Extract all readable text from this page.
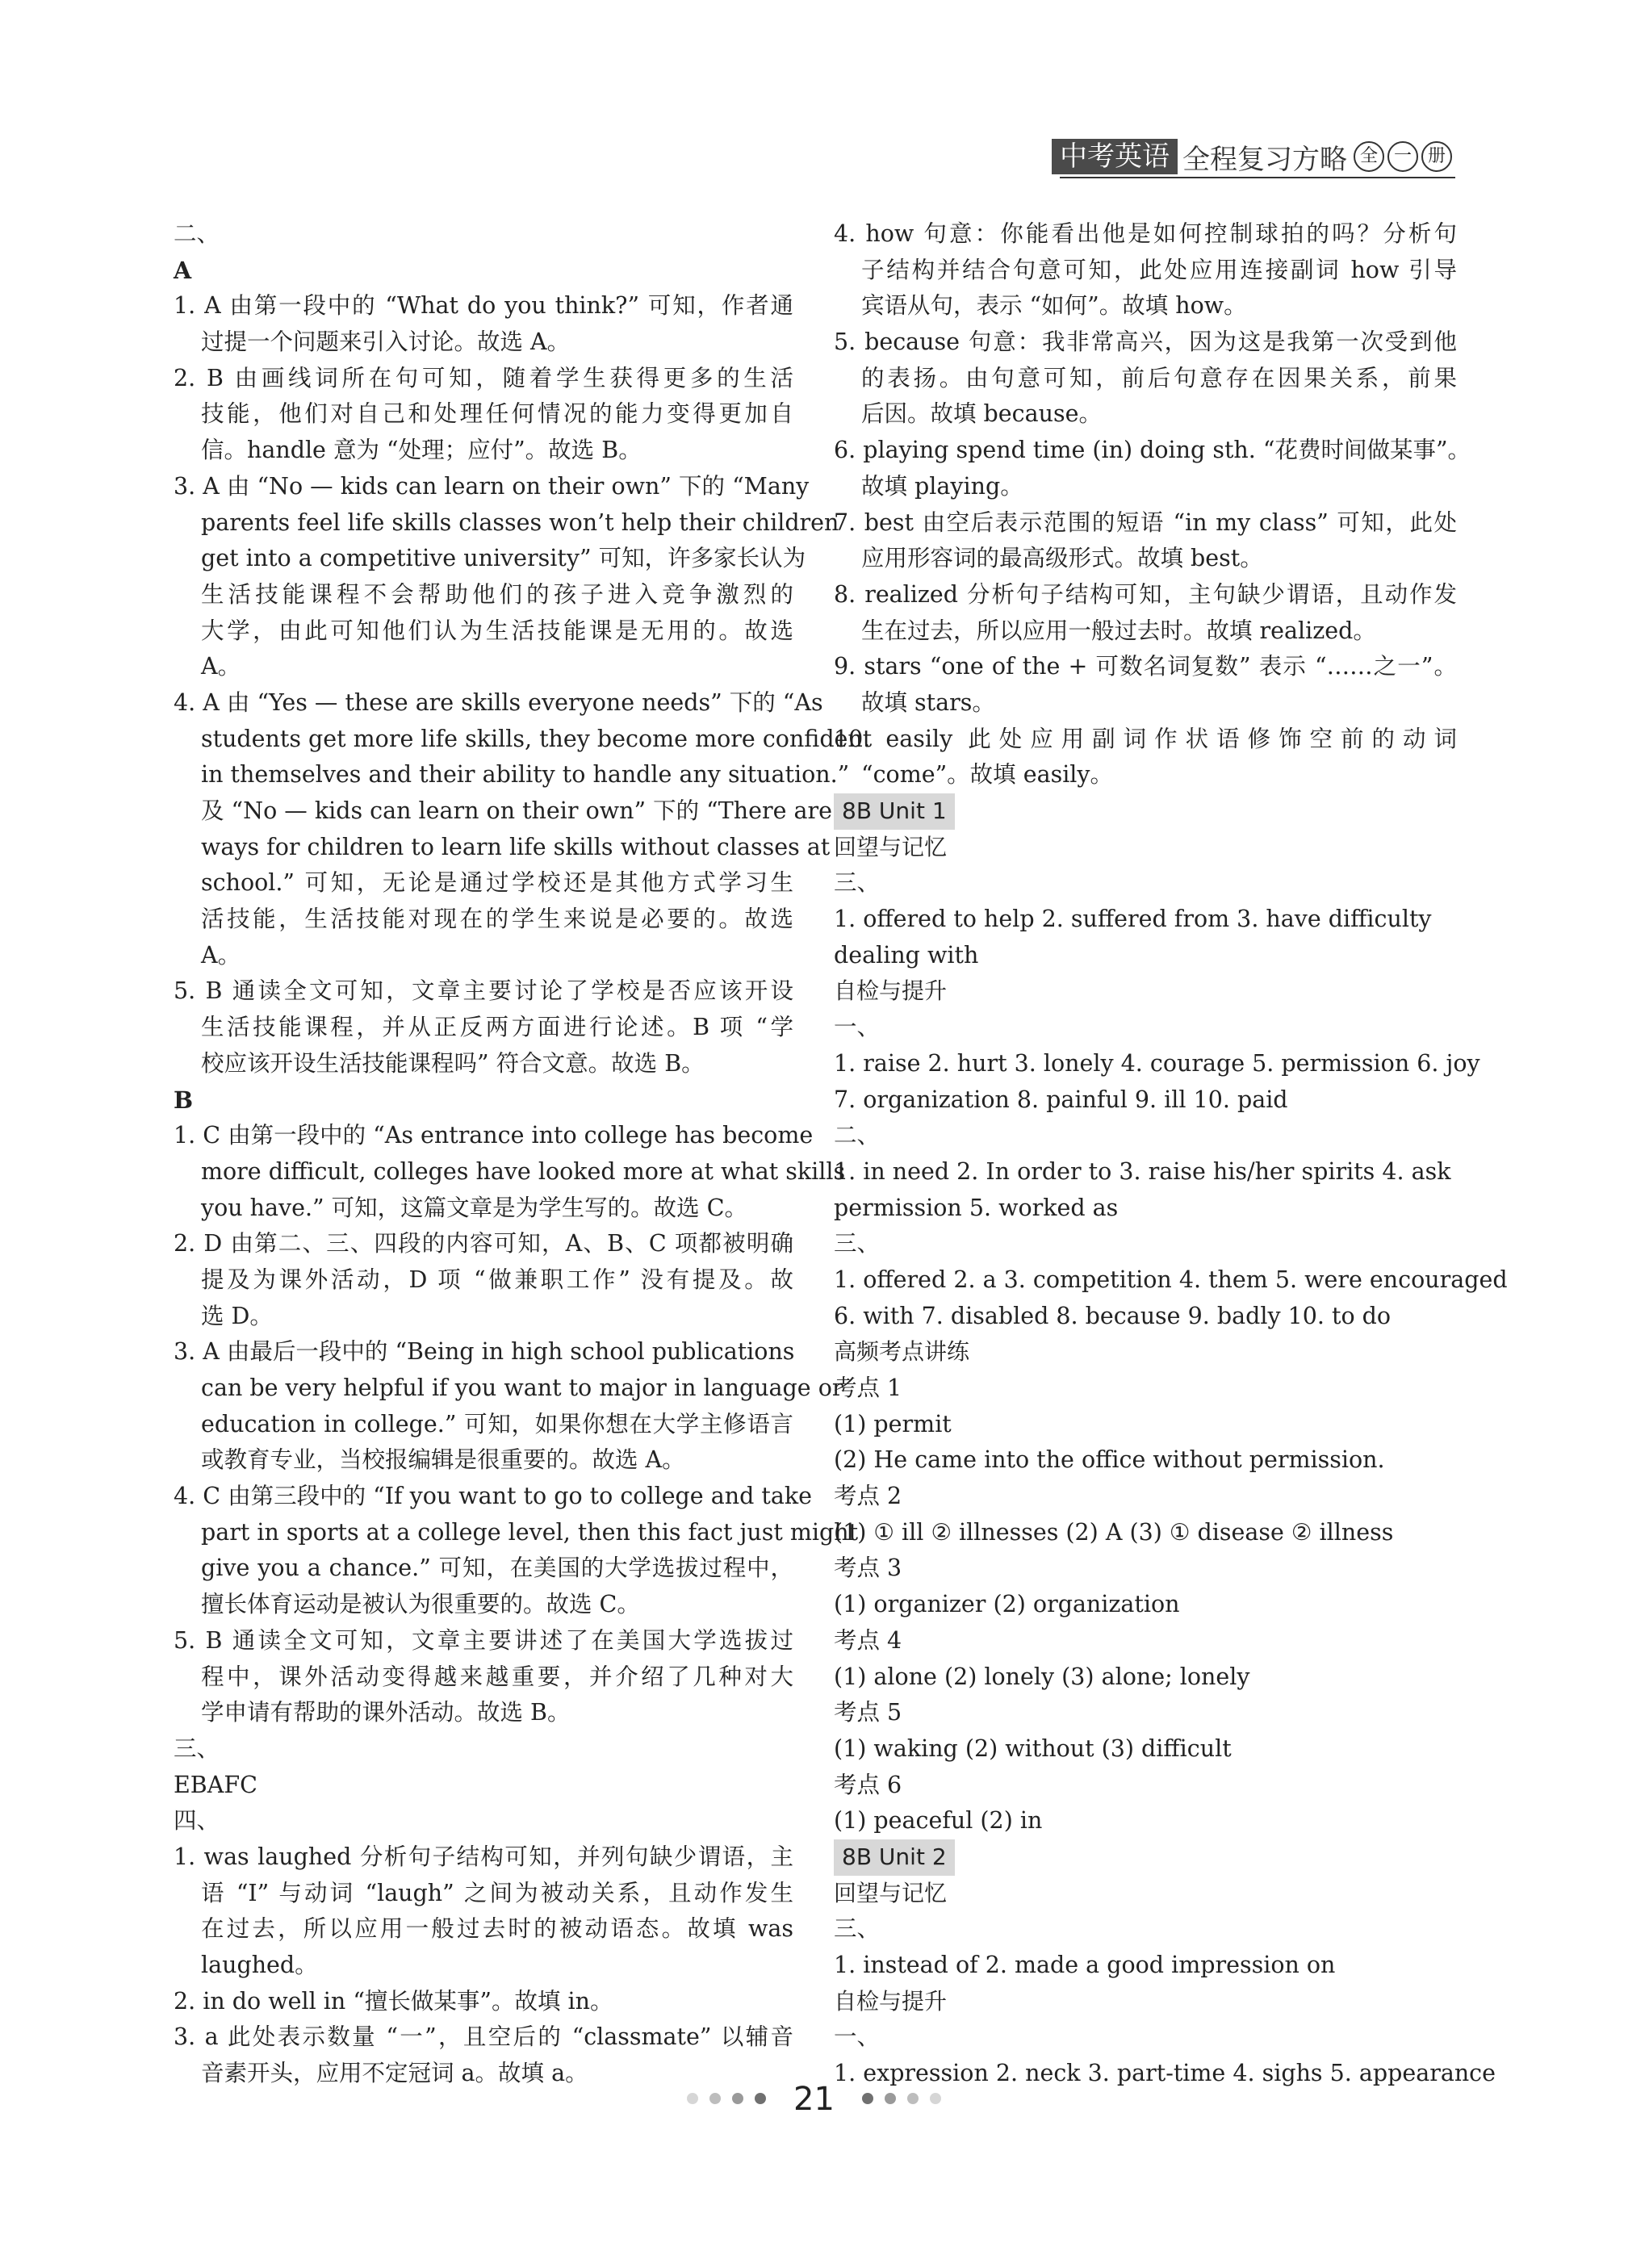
中考英语 全程复习方略 全 一 册
二、
A
1. A 由第一段中的 “What do you think?” 可知，作者通
过提一个问题来引入讨论。故选 A。
2. B 由画线词所在句可知，随着学生获得更多的生活
技能，他们对自己和处理任何情况的能力变得更加自
信。handle 意为 “处理；应付”。故选 B。
3. A 由 “No — kids can learn on their own” 下的 “Many
parents feel life skills classes won’t help their children
get into a competitive university” 可知，许多家长认为
生活技能课程不会帮助他们的孩子进入竞争激烈的
大学，由此可知他们认为生活技能课是无用的。故选
A。
4. A 由 “Yes — these are skills everyone needs” 下的 “As
students get more life skills, they become more confident
in themselves and their ability to handle any situation.”
及 “No — kids can learn on their own” 下的 “There are
ways for children to learn life skills without classes at
school.” 可知，无论是通过学校还是其他方式学习生
活技能，生活技能对现在的学生来说是必要的。故选
A。
5. B 通读全文可知，文章主要讨论了学校是否应该开设
生活技能课程，并从正反两方面进行论述。B 项 “学
校应该开设生活技能课程吗” 符合文意。故选 B。
B
1. C 由第一段中的 “As entrance into college has become
more difficult, colleges have looked more at what skills
you have.” 可知，这篇文章是为学生写的。故选 C。
2. D 由第二、三、四段的内容可知，A、B、C 项都被明确
提及为课外活动，D 项 “做兼职工作” 没有提及。故
选 D。
3. A 由最后一段中的 “Being in high school publications
can be very helpful if you want to major in language or
education in college.” 可知，如果你想在大学主修语言
或教育专业，当校报编辑是很重要的。故选 A。
4. C 由第三段中的 “If you want to go to college and take
part in sports at a college level, then this fact just might
give you a chance.” 可知，在美国的大学选拔过程中，
擅长体育运动是被认为很重要的。故选 C。
5. B 通读全文可知，文章主要讲述了在美国大学选拔过
程中，课外活动变得越来越重要，并介绍了几种对大
学申请有帮助的课外活动。故选 B。
三、
EBAFC
四、
1. was laughed 分析句子结构可知，并列句缺少谓语，主
语 “I” 与动词 “laugh” 之间为被动关系，且动作发生
在过去，所以应用一般过去时的被动语态。故填 was
laughed。
2. in do well in “擅长做某事”。故填 in。
3. a 此处表示数量 “一”，且空后的 “classmate” 以辅音
音素开头，应用不定冠词 a。故填 a。
4. how 句意：你能看出他是如何控制球拍的吗？分析句
子结构并结合句意可知，此处应用连接副词 how 引导
宾语从句，表示 “如何”。故填 how。
5. because 句意：我非常高兴，因为这是我第一次受到他
的表扬。由句意可知，前后句意存在因果关系，前果
后因。故填 because。
6. playing spend time (in) doing sth. “花费时间做某事”。
故填 playing。
7. best 由空后表示范围的短语 “in my class” 可知，此处
应用形容词的最高级形式。故填 best。
8. realized 分析句子结构可知，主句缺少谓语，且动作发
生在过去，所以应用一般过去时。故填 realized。
9. stars “one of the + 可数名词复数” 表示 “……之一”。
故填 stars。
10. easily 此处应用副词作状语修饰空前的动词
“come”。故填 easily。
8B Unit 1
回望与记忆
三、
1. offered to help 2. suffered from 3. have difficulty
dealing with
自检与提升
一、
1. raise 2. hurt 3. lonely 4. courage 5. permission 6. joy
7. organization 8. painful 9. ill 10. paid
二、
1. in need 2. In order to 3. raise his/her spirits 4. ask
permission 5. worked as
三、
1. offered 2. a 3. competition 4. them 5. were encouraged
6. with 7. disabled 8. because 9. badly 10. to do
高频考点讲练
考点 1
(1) permit
(2) He came into the office without permission.
考点 2
(1) ① ill ② illnesses (2) A (3) ① disease ② illness
考点 3
(1) organizer (2) organization
考点 4
(1) alone (2) lonely (3) alone; lonely
考点 5
(1) waking (2) without (3) difficult
考点 6
(1) peaceful (2) in
8B Unit 2
回望与记忆
三、
1. instead of 2. made a good impression on
自检与提升
一、
1. expression 2. neck 3. part-time 4. sighs 5. appearance
21
